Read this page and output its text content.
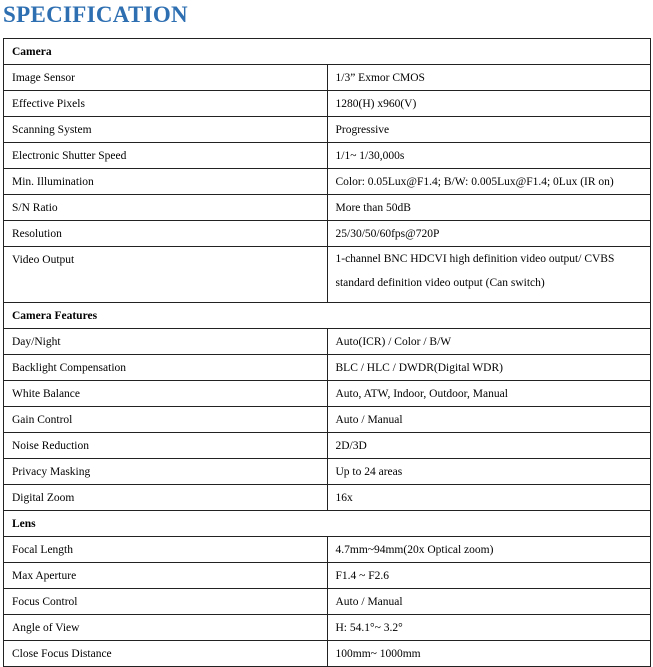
SPECIFICATION
Camera	
Image Sensor	1/3” Exmor CMOS
Effective Pixels	1280(H) x960(V)
Scanning System	Progressive
Electronic Shutter Speed	1/1~ 1/30,000s
Min. Illumination	Color: 0.05Lux@F1.4; B/W: 0.005Lux@F1.4; 0Lux (IR on)
S/N Ratio	More than 50dB
Resolution	25/30/50/60fps@720P

Video Output	1-channel BNC HDCVI high definition video output/ CVBS standard definition video output (Can switch)

Camera Features	
Day/Night	Auto(ICR) / Color / B/W
Backlight Compensation	BLC / HLC / DWDR(Digital WDR)
White Balance	Auto, ATW, Indoor, Outdoor, Manual
Gain Control	Auto / Manual
Noise Reduction	2D/3D
Privacy Masking	Up to 24 areas
Digital Zoom	16x
Lens	
Focal Length	4.7mm~94mm(20x Optical zoom)
Max Aperture	F1.4 ~ F2.6
Focus Control	Auto / Manual
Angle of View	H: 54.1°~ 3.2°
Close Focus Distance	100mm~ 1000mm
